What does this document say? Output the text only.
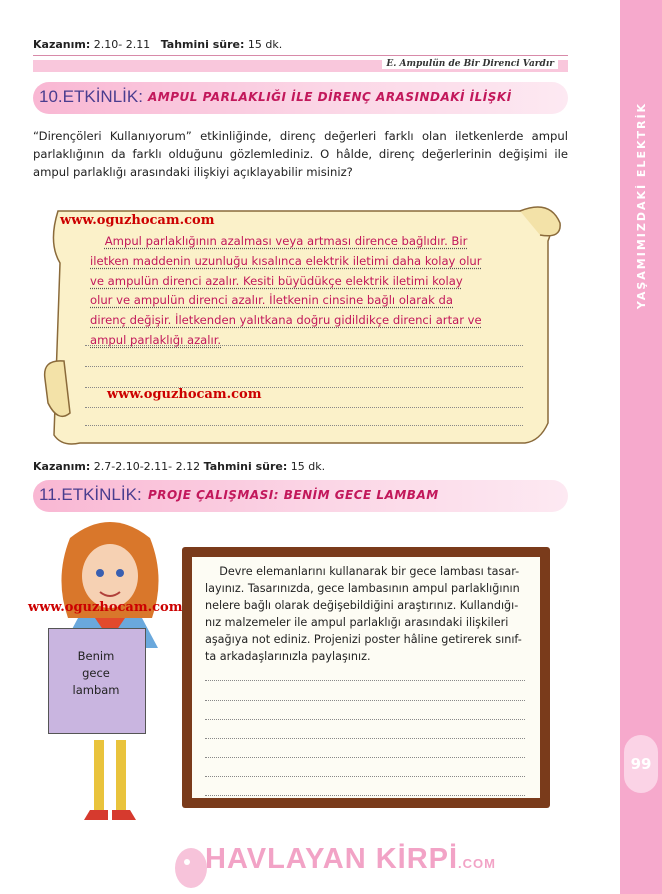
YAŞAMIMIZDAKİ ELEKTRİK
99
Kazanım: 2.10- 2.11 Tahmini süre: 15 dk.
E. Ampulün de Bir Direnci Vardır
10.ETKİNLİK: AMPUL PARLAKLIĞI İLE DİRENÇ ARASINDAKİ İLİŞKİ
“Dirençöleri Kullanıyorum” etkinliğinde, direnç değerleri farklı olan iletkenlerde ampul parlaklığının da farklı olduğunu gözlemlediniz. O hâlde, direnç değerlerinin değişimi ile ampul parlaklığı arasındaki ilişkiyi açıklayabilir misiniz?
Ampul parlaklığının azalması veya artması dirence bağlıdır. Bir
iletken maddenin uzunluğu kısalınca elektrik iletimi daha kolay olur
ve ampulün direnci azalır. Kesiti büyüdükçe elektrik iletimi kolay
olur ve ampulün direnci azalır. İletkenin cinsine bağlı olarak da
direnç değişir. İletkenden yalıtkana doğru gidildikçe direnci artar ve
ampul parlaklığı azalır.
www.oguzhocam.com
www.oguzhocam.com
Kazanım: 2.7-2.10-2.11- 2.12 Tahmini süre: 15 dk.
11.ETKİNLİK: PROJE ÇALIŞMASI: BENİM GECE LAMBAM
Benim
gece
lambam
www.oguzhocam.com
Devre elemanlarını kullanarak bir gece lambası tasar-
layınız. Tasarınızda, gece lambasının ampul parlaklığının
nelere bağlı olarak değişebildiğini araştırınız. Kullandığı-
nız malzemeler ile ampul parlaklığı arasındaki ilişkileri
aşağıya not ediniz. Projenizi poster hâline getirerek sınıf-
ta arkadaşlarınızla paylaşınız.
HAVLAYAN KİRPİ.COM
